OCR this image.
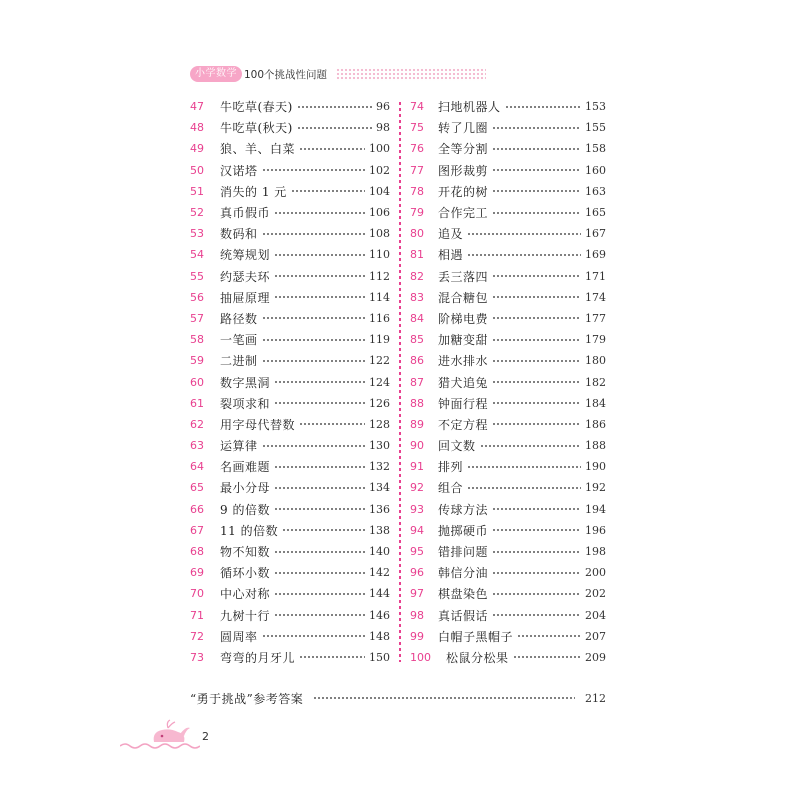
小学数学 100个挑战性问题
47	牛吃草(春天)	96
48	牛吃草(秋天)	98
49	狼、羊、白菜	100
50	汉诺塔	102
51	消失的 1 元	104
52	真币假币	106
53	数码和	108
54	统筹规划	110
55	约瑟夫环	112
56	抽屉原理	114
57	路径数	116
58	一笔画	119
59	二进制	122
60	数字黑洞	124
61	裂项求和	126
62	用字母代替数	128
63	运算律	130
64	名画难题	132
65	最小分母	134
66	9 的倍数	136
67	11 的倍数	138
68	物不知数	140
69	循环小数	142
70	中心对称	144
71	九树十行	146
72	圆周率	148
73	弯弯的月牙儿	150
74	扫地机器人	153
75	转了几圈	155
76	全等分割	158
77	图形裁剪	160
78	开花的树	163
79	合作完工	165
80	追及	167
81	相遇	169
82	丢三落四	171
83	混合糖包	174
84	阶梯电费	177
85	加糖变甜	179
86	进水排水	180
87	猎犬追兔	182
88	钟面行程	184
89	不定方程	186
90	回文数	188
91	排列	190
92	组合	192
93	传球方法	194
94	抛掷硬币	196
95	错排问题	198
96	韩信分油	200
97	棋盘染色	202
98	真话假话	204
99	白帽子黑帽子	207
100	松鼠分松果	209
“勇于挑战”参考答案	212
2
